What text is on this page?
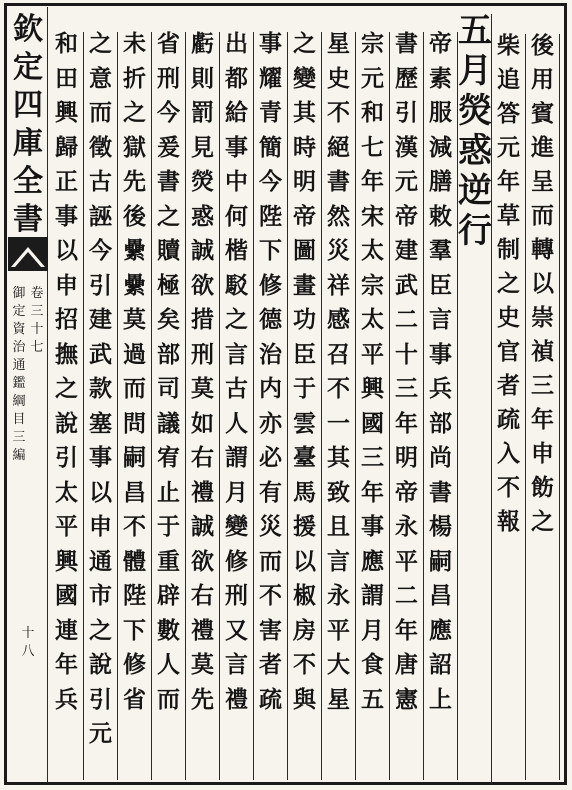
欽
定
四
庫
全
書
御
定
資
治
通
鑑
綱
目
三
編
卷
三
十
七
十
八
後
用
賓
進
呈
而
轉
以
崇
禎
三
年
申
飭
之
柴
追
答
元
年
草
制
之
史
官
者
疏
入
不
報
五
月
熒
惑
逆
行
帝
素
服
減
膳
敕
羣
臣
言
事
兵
部
尚
書
楊
嗣
昌
應
詔
上
書
歷
引
漢
元
帝
建
武
二
十
三
年
明
帝
永
平
二
年
唐
憲
宗
元
和
七
年
宋
太
宗
太
平
興
國
三
年
事
應
謂
月
食
五
星
史
不
絕
書
然
災
祥
感
召
不
一
其
致
且
言
永
平
大
星
之
變
其
時
明
帝
圖
畫
功
臣
于
雲
臺
馬
援
以
椒
房
不
與
事
耀
青
簡
今
陛
下
修
德
治
内
亦
必
有
災
而
不
害
者
疏
出
都
給
事
中
何
楷
駁
之
言
古
人
謂
月
變
修
刑
又
言
禮
虧
則
罰
見
熒
惑
誠
欲
措
刑
莫
如
右
禮
誠
欲
右
禮
莫
先
省
刑
今
爰
書
之
贖
極
矣
部
司
議
宥
止
于
重
辟
數
人
而
未
折
之
獄
先
後
纍
纍
莫
過
而
問
嗣
昌
不
體
陛
下
修
省
之
意
而
徵
古
誣
今
引
建
武
款
塞
事
以
申
通
市
之
說
引
元
和
田
興
歸
正
事
以
申
招
撫
之
說
引
太
平
興
國
連
年
兵
